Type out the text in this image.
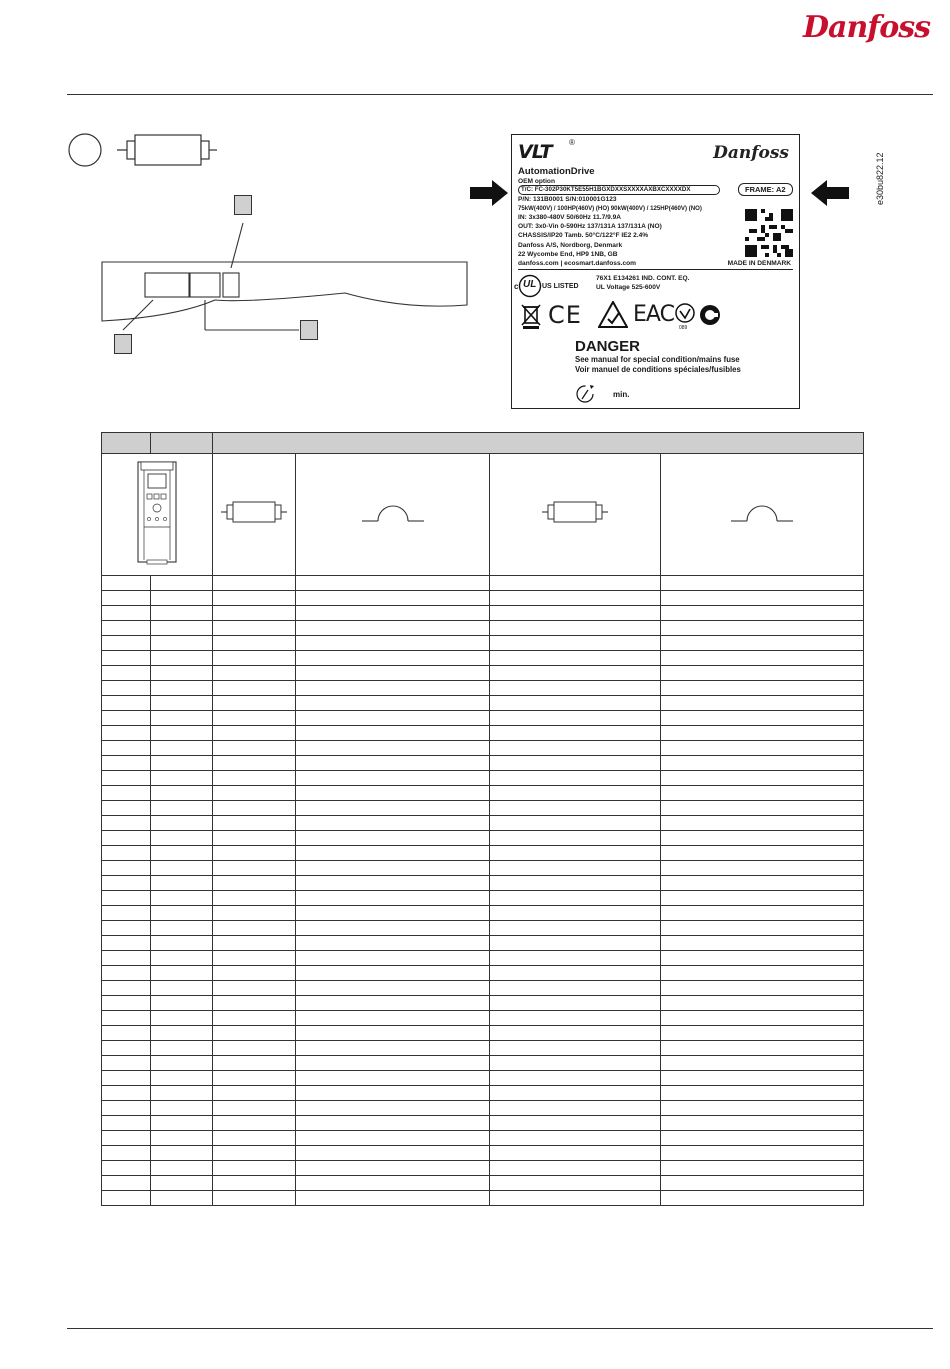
Danfoss
e30bu822.12
VLT ®
Danfoss
AutomationDrive
OEM option
T/C: FC-302P30KT5E55H1BGXDXXSXXXXAXBXCXXXXDX	FRAME: A2
P/N: 131B0001 S/N:010001G123
75kW(400V) / 100HP(460V) (HO) 90kW(400V) / 125HP(460V) (NO)
IN: 3x380-480V 50/60Hz 11.7/9.9A
OUT: 3x0-Vin 0-590Hz 137/131A 137/131A (NO)
CHASSIS/IP20 Tamb. 50°C/122°F IE2 2.4%
Danfoss A/S, Nordborg, Denmark
22 Wycombe End, HP9 1NB, GB
danfoss.com | ecosmart.danfoss.com	MADE IN DENMARK
c UL US LISTED
76X1 E134261 IND. CONT. EQ.
UL Voltage 525-600V
CE EAC
089
DANGER
See manual for special condition/mains fuse
Voir manuel de conditions spéciales/fusibles
min.
